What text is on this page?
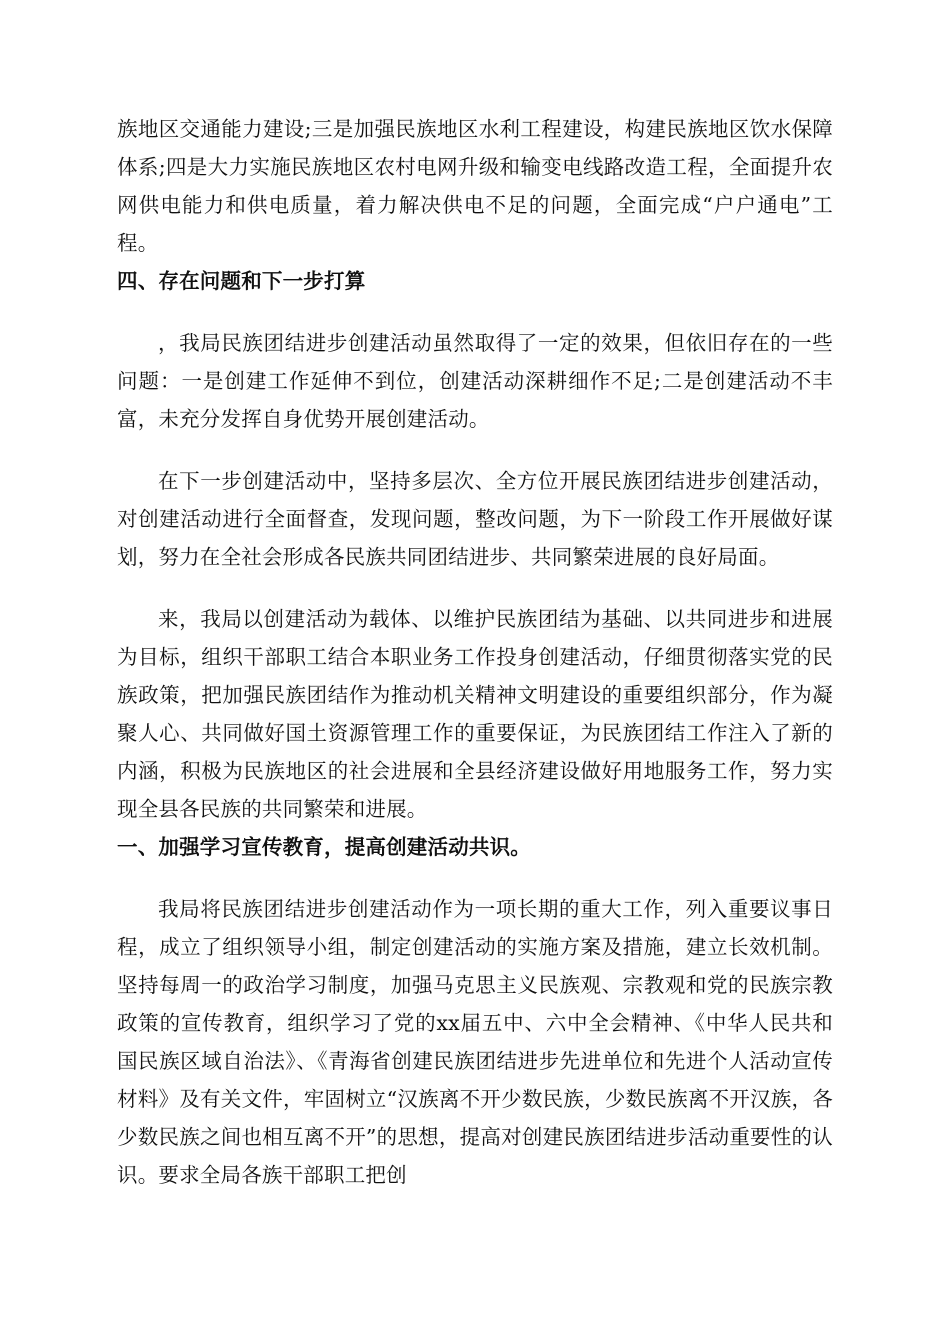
族地区交通能力建设;三是加强民族地区水利工程建设，构建民族地区饮水保障体系;四是大力实施民族地区农村电网升级和输变电线路改造工程，全面提升农网供电能力和供电质量，着力解决供电不足的问题，全面完成“户户通电”工程。

四、存在问题和下一步打算

，我局民族团结进步创建活动虽然取得了一定的效果，但依旧存在的一些问题：一是创建工作延伸不到位，创建活动深耕细作不足;二是创建活动不丰富，未充分发挥自身优势开展创建活动。

在下一步创建活动中，坚持多层次、全方位开展民族团结进步创建活动，对创建活动进行全面督查，发现问题，整改问题，为下一阶段工作开展做好谋划，努力在全社会形成各民族共同团结进步、共同繁荣进展的良好局面。

来，我局以创建活动为载体、以维护民族团结为基础、以共同进步和进展为目标，组织干部职工结合本职业务工作投身创建活动，仔细贯彻落实党的民族政策，把加强民族团结作为推动机关精神文明建设的重要组织部分，作为凝聚人心、共同做好国土资源管理工作的重要保证，为民族团结工作注入了新的内涵，积极为民族地区的社会进展和全县经济建设做好用地服务工作，努力实现全县各民族的共同繁荣和进展。

一、加强学习宣传教育，提高创建活动共识。

我局将民族团结进步创建活动作为一项长期的重大工作，列入重要议事日程，成立了组织领导小组，制定创建活动的实施方案及措施，建立长效机制。坚持每周一的政治学习制度，加强马克思主义民族观、宗教观和党的民族宗教政策的宣传教育，组织学习了党的xx届五中、六中全会精神、《中华人民共和国民族区域自治法》、《青海省创建民族团结进步先进单位和先进个人活动宣传材料》及有关文件，牢固树立“汉族离不开少数民族，少数民族离不开汉族，各少数民族之间也相互离不开”的思想，提高对创建民族团结进步活动重要性的认识。要求全局各族干部职工把创
